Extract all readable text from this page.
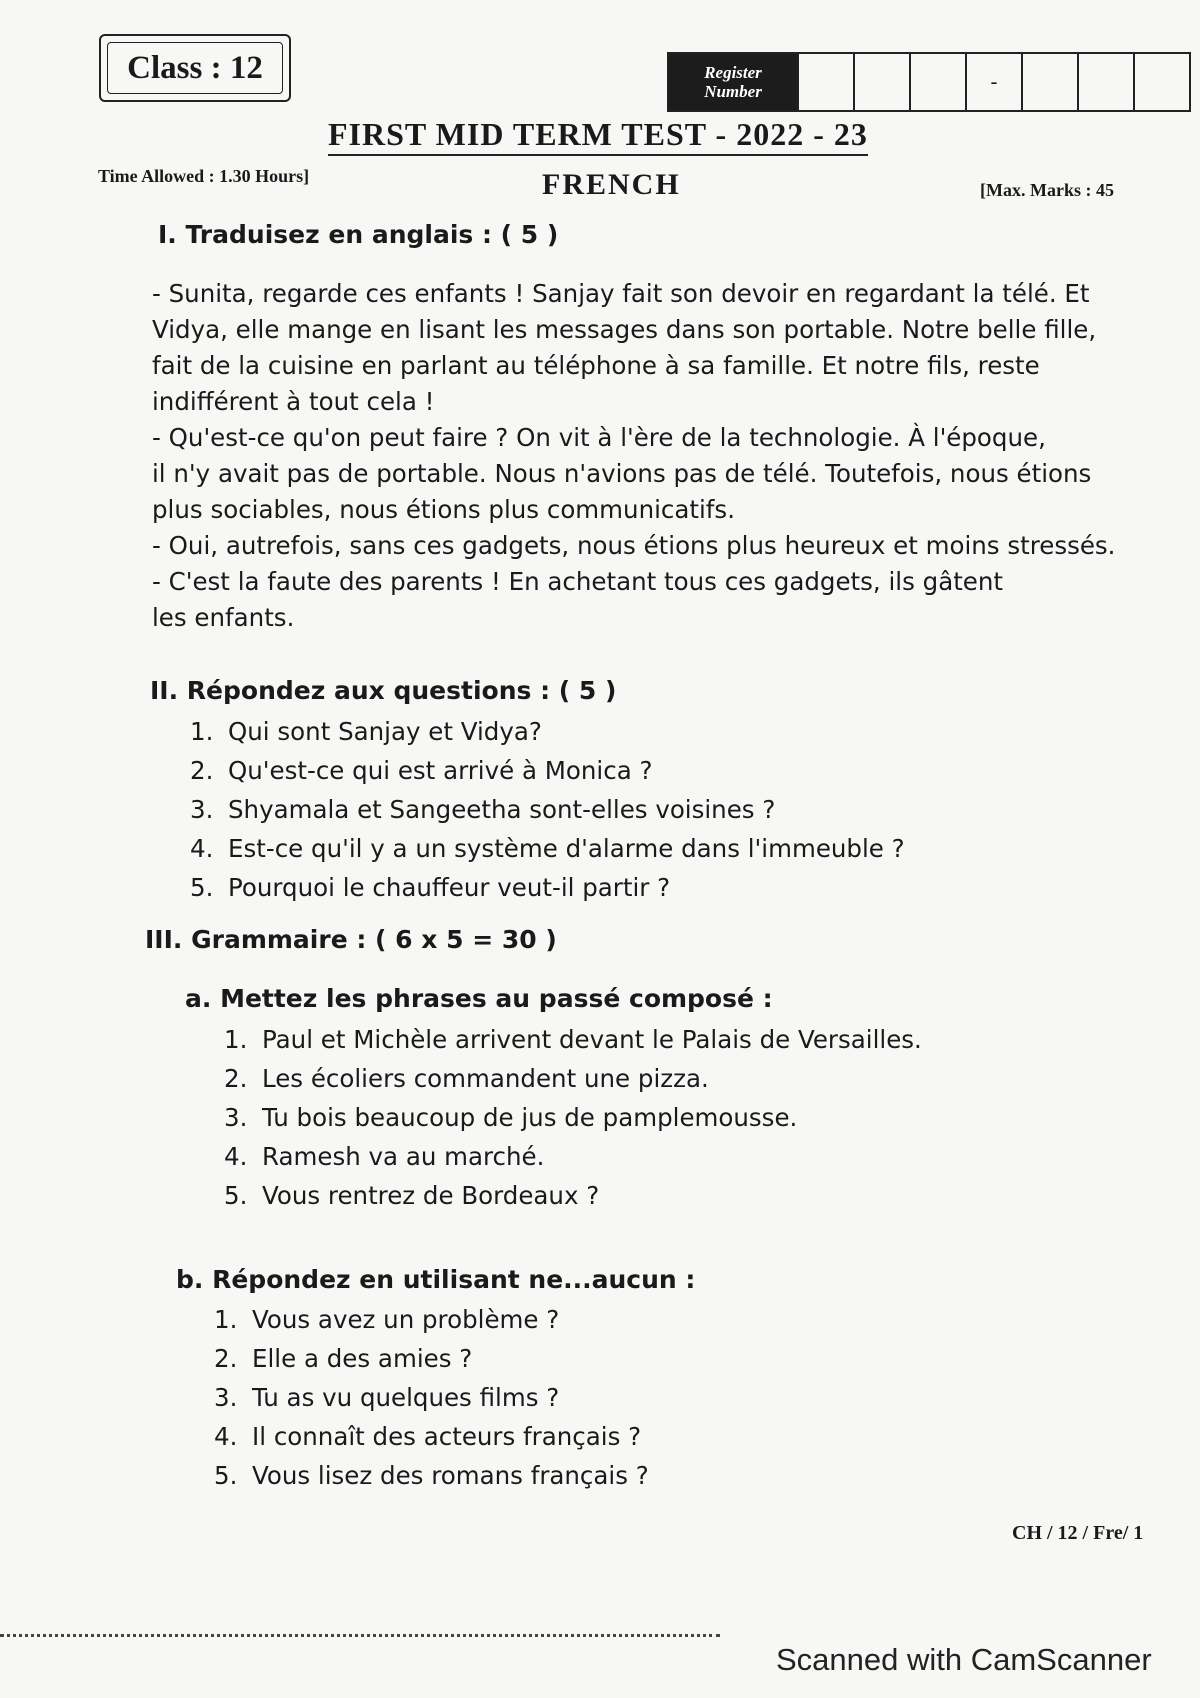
Class : 12	Register
Number	-
FIRST MID TERM TEST - 2022 - 23
Time Allowed : 1.30 Hours]	FRENCH	[Max. Marks : 45
I. Traduisez en anglais : ( 5 )

- Sunita, regarde ces enfants ! Sanjay fait son devoir en regardant la télé. Et

Vidya, elle mange en lisant les messages dans son portable. Notre belle fille,

fait de la cuisine en parlant au téléphone à sa famille. Et notre fils, reste

indifférent à tout cela !

- Qu'est-ce qu'on peut faire ? On vit à l'ère de la technologie. À l'époque,

il n'y avait pas de portable. Nous n'avions pas de télé. Toutefois, nous étions

plus sociables, nous étions plus communicatifs.

- Oui, autrefois, sans ces gadgets, nous étions plus heureux et moins stressés.

- C'est la faute des parents ! En achetant tous ces gadgets, ils gâtent

les enfants.

II. Répondez aux questions : ( 5 )
1. Qui sont Sanjay et Vidya?
2. Qu'est-ce qui est arrivé à Monica ?
3. Shyamala et Sangeetha sont-elles voisines ?
4. Est-ce qu'il y a un système d'alarme dans l'immeuble ?
5. Pourquoi le chauffeur veut-il partir ?
III. Grammaire : ( 6 x 5 = 30 )
a. Mettez les phrases au passé composé :
1. Paul et Michèle arrivent devant le Palais de Versailles.
2. Les écoliers commandent une pizza.
3. Tu bois beaucoup de jus de pamplemousse.
4. Ramesh va au marché.
5. Vous rentrez de Bordeaux ?
b. Répondez en utilisant ne...aucun :
1. Vous avez un problème ?
2. Elle a des amies ?
3. Tu as vu quelques films ?
4. Il connaît des acteurs français ?
5. Vous lisez des romans français ?
CH / 12 / Fre/ 1
Scanned with CamScanner
